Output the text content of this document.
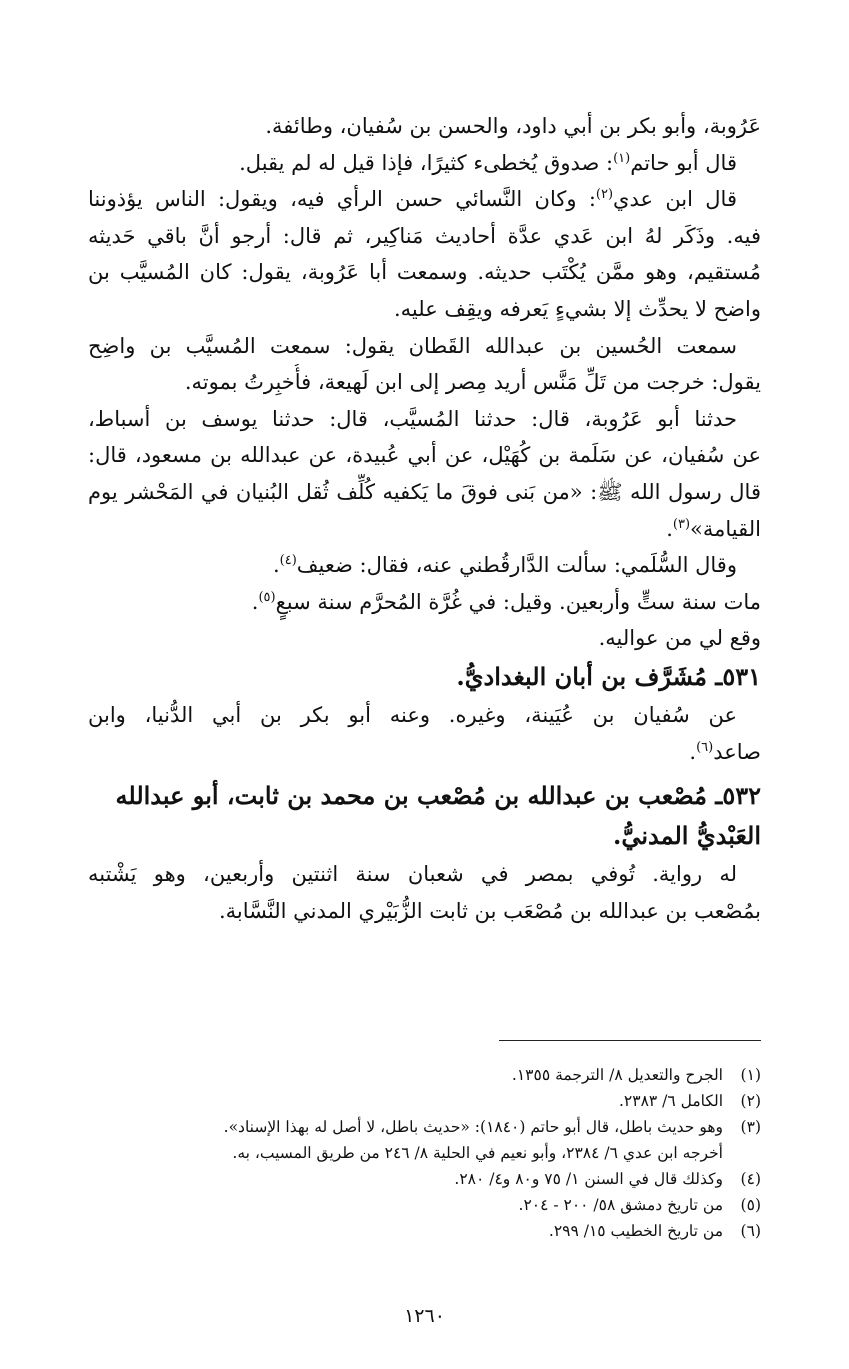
عَرُوبة، وأبو بكر بن أبي داود، والحسن بن سُفيان، وطائفة.
قال أبو حاتم$^{(١)}$: صدوق يُخطىء كثيرًا، فإذا قيل له لم يقبل.
قال ابن عدي$^{(٢)}$: وكان النَّسائي حسن الرأي فيه، ويقول: الناس يؤذوننا
فيه. وذَكَر لهُ ابن عَدي عدَّة أحاديث مَناكِير، ثم قال: أرجو أنَّ باقي حَديثه
مُستقيم، وهو ممَّن يُكْتَب حديثه. وسمعت أبا عَرُوبة، يقول: كان المُسيَّب بن
واضح لا يحدِّث إلا بشيءٍ يَعرفه ويقِف عليه.
سمعت الحُسين بن عبدالله القَطان يقول: سمعت المُسيَّب بن واضِح
يقول: خرجت من تَلِّ مَنَّس أريد مِصر إلى ابن لَهيعة، فأُخبِرتُ بموته.
حدثنا أبو عَرُوبة، قال: حدثنا المُسيَّب، قال: حدثنا يوسف بن أسباط،
عن سُفيان، عن سَلَمة بن كُهَيْل، عن أبي عُبيدة، عن عبدالله بن مسعود، قال:
قال رسول الله ﷺ: «من بَنى فوقَ ما يَكفيه كُلِّف ثُقل البُنيان في المَحْشر يوم
القيامة»$^{(٣)}$.
وقال السُّلَمي: سألت الدَّارقُطني عنه، فقال: ضعيف$^{(٤)}$.
مات سنة ستٍّ وأربعين. وقيل: في غُرَّة المُحرَّم سنة سبعٍ$^{(٥)}$.
وقع لي من عواليه.
٥٣١ـ مُشَرَّف بن أبان البغداديُّ.
عن سُفيان بن عُيَينة، وغيره. وعنه أبو بكر بن أبي الدُّنيا، وابن
صاعد$^{(٦)}$.
٥٣٢ـ مُصْعب بن عبدالله بن مُصْعب بن محمد بن ثابت، أبو عبدالله
العَبْديُّ المدنيُّ.
له رواية. تُوفي بمصر في شعبان سنة اثنتين وأربعين، وهو يَشْتبه
بمُصْعب بن عبدالله بن مُصْعَب بن ثابت الزُّبَيْري المدني النَّسَّابة.
(١)
الجرح والتعديل ٨/ الترجمة ١٣٥٥.
(٢)
الكامل ٦/ ٢٣٨٣.
(٣)
وهو حديث باطل، قال أبو حاتم (١٨٤٠): «حديث باطل، لا أصل له بهذا الإسناد».
أخرجه ابن عدي ٦/ ٢٣٨٤، وأبو نعيم في الحلية ٨/ ٢٤٦ من طريق المسيب، به.
(٤)
وكذلك قال في السنن ١/ ٧٥ و٨٠ و٤/ ٢٨٠.
(٥)
من تاريخ دمشق ٥٨/ ٢٠٠ - ٢٠٤.
(٦)
من تاريخ الخطيب ١٥/ ٢٩٩.
١٢٦٠
